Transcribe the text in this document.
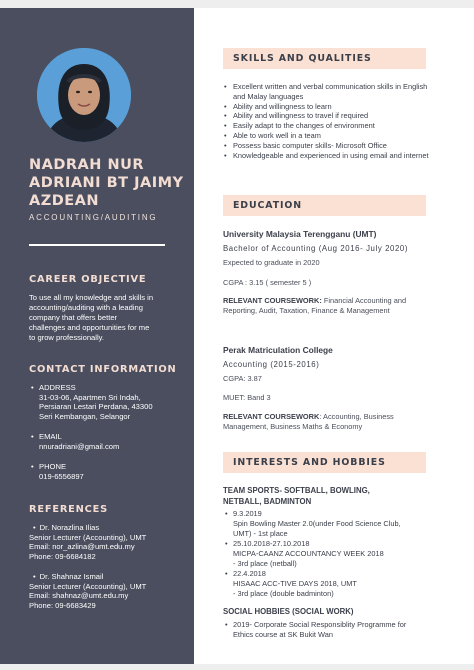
NADRAH NUR ADRIANI BT JAIMY AZDEAN
ACCOUNTING/AUDITING
CAREER OBJECTIVE
To use all my knowledge and skills in
accounting/auditing with a leading
company that offers better
challenges and opportunities for me
to grow professionally.
CONTACT INFORMATION
• ADDRESS
31-03-06, Apartmen Sri Indah,
Persiaran Lestari Perdana, 43300
Seri Kembangan, Selangor
• EMAIL
nnuradriani@gmail.com
• PHONE
019-6556897
REFERENCES
• Dr. Norazlina Ilias
Senior Lecturer (Accounting), UMT
Email: nor_azlina@umt.edu.my
Phone: 09-6684182
• Dr. Shahnaz Ismail
Senior Lecturer (Accounting), UMT
Email: shahnaz@umt.edu.my
Phone: 09-6683429
SKILLS AND QUALITIES
• Excellent written and verbal communication skills in English and Malay languages
• Ability and willingness to learn
• Ability and willingness to travel if required
• Easily adapt to the changes of environment
• Able to work well in a team
• Possess basic computer skills- Microsoft Office
• Knowledgeable and experienced in using email and internet
EDUCATION
University Malaysia Terengganu (UMT)
Bachelor of Accounting (Aug 2016- July 2020)
Expected to graduate in 2020
CGPA : 3.15 ( semester 5 )
RELEVANT COURSEWORK: Financial Accounting and
Reporting, Audit, Taxation, Finance & Management
Perak Matriculation College
Accounting (2015-2016)
CGPA: 3.87
MUET: Band 3
RELEVANT COURSEWORK: Accounting, Business
Management, Business Maths & Economy
INTERESTS AND HOBBIES
TEAM SPORTS- SOFTBALL, BOWLING,
NETBALL, BADMINTON
• 9.3.2019
Spin Bowling Master 2.0(under Food Science Club,
UMT) - 1st place
• 25.10.2018-27.10.2018
MICPA-CAANZ ACCOUNTANCY WEEK 2018
- 3rd place (netball)
• 22.4.2018
HISAAC ACC-TIVE DAYS 2018, UMT
- 3rd place (double badminton)
SOCIAL HOBBIES (SOCIAL WORK)
• 2019- Corporate Social Responsiblity Programme for
Ethics course at SK Bukit Wan
